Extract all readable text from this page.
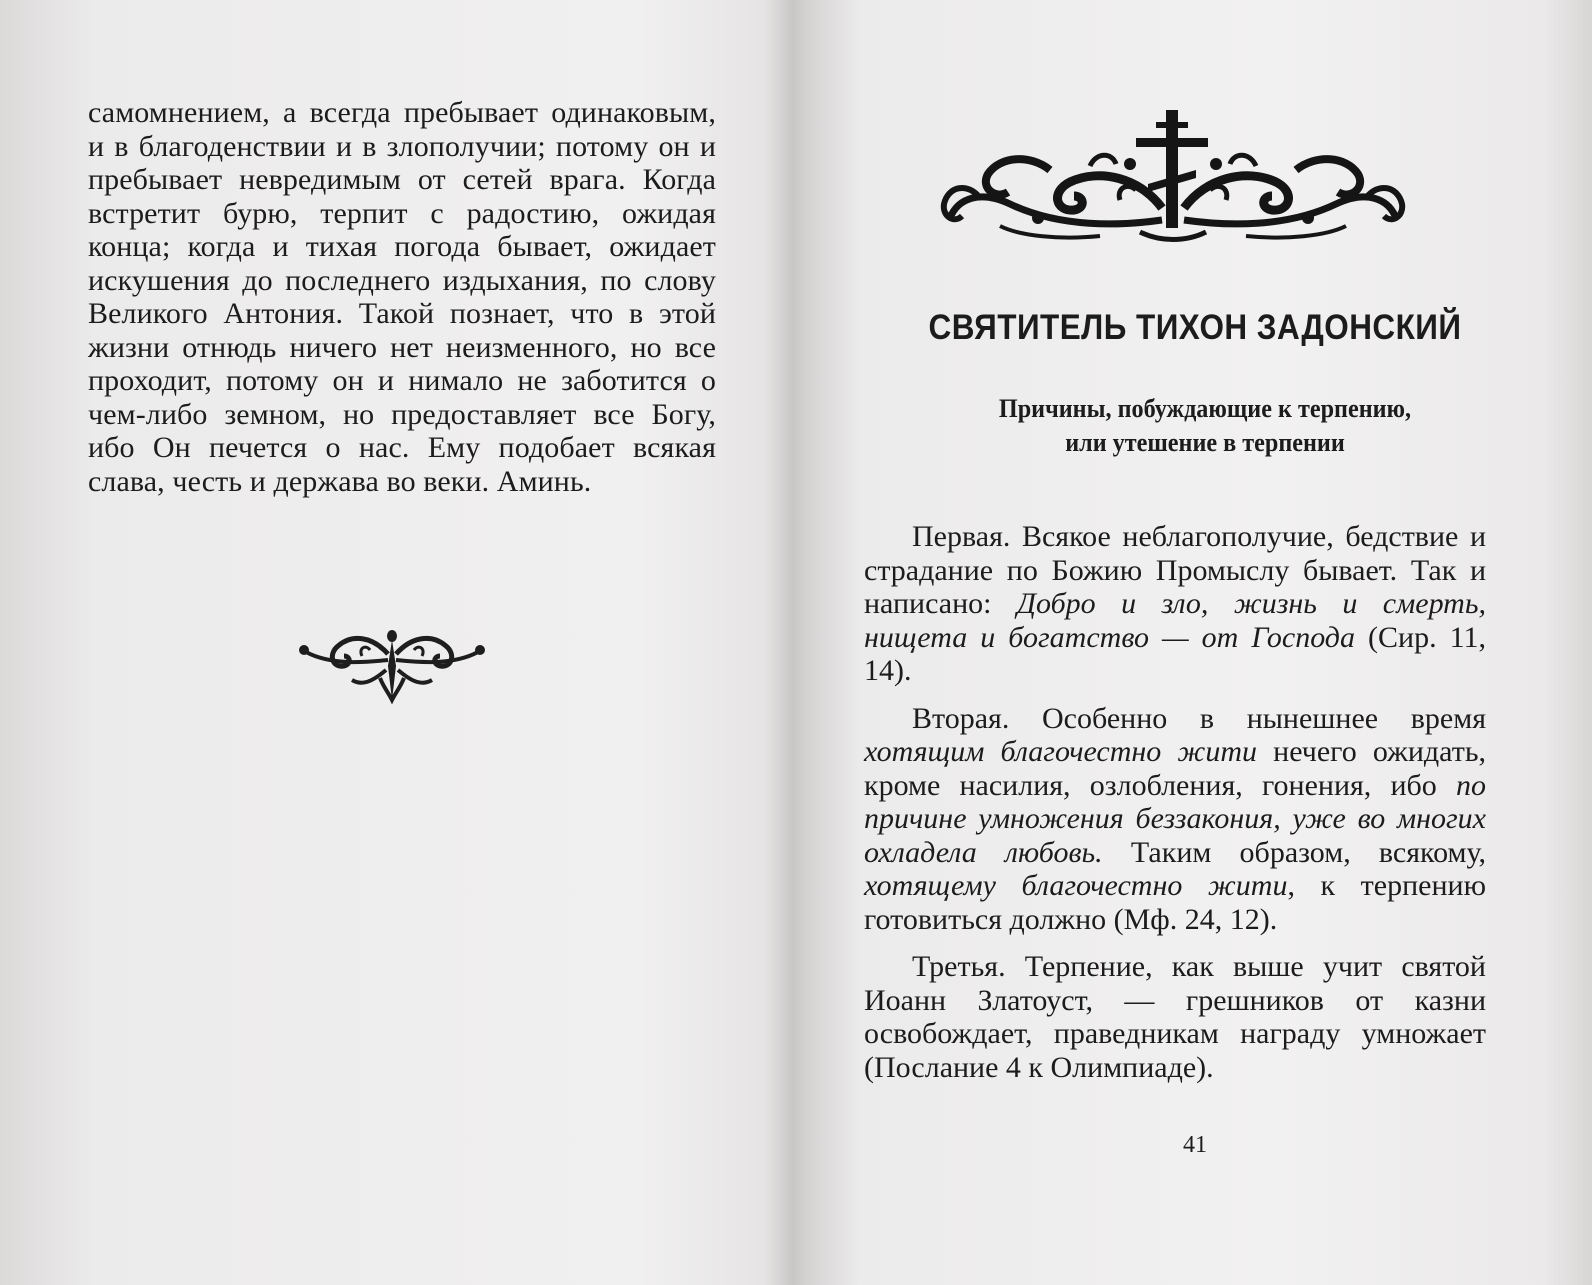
самомнением, а всегда пребывает одинаковым, и в благоденствии и в злополучии; потому он и пребывает невредимым от сетей врага. Когда встретит бурю, терпит с радостию, ожидая конца; когда и тихая погода бывает, ожидает искушения до последнего издыхания, по слову Великого Антония. Такой познает, что в этой жизни отнюдь ничего нет неизменного, но все проходит, потому он и нимало не заботится о чем-либо земном, но предоставляет все Богу, ибо Он печется о нас. Ему подобает всякая слава, честь и держава во веки. Аминь.

СВЯТИТЕЛЬ ТИХОН ЗАДОНСКИЙ
Причины, побуждающие к терпению,
или утешение в терпении

Первая. Всякое неблагополучие, бедствие и страдание по Божию Промыслу бывает. Так и написано: Добро и зло, жизнь и смерть, нищета и богатство — от Господа (Сир. 11, 14).

Вторая. Особенно в нынешнее время хотящим благочестно жити нечего ожидать, кроме насилия, озлобления, гонения, ибо по причине умножения беззакония, уже во многих охладела любовь. Таким образом, всякому, хотящему благочестно жити, к терпению готовиться должно (Мф. 24, 12).

Третья. Терпение, как выше учит святой Иоанн Златоуст, — грешников от казни освобождает, праведникам награду умножает (Послание 4 к Олимпиаде).

41
